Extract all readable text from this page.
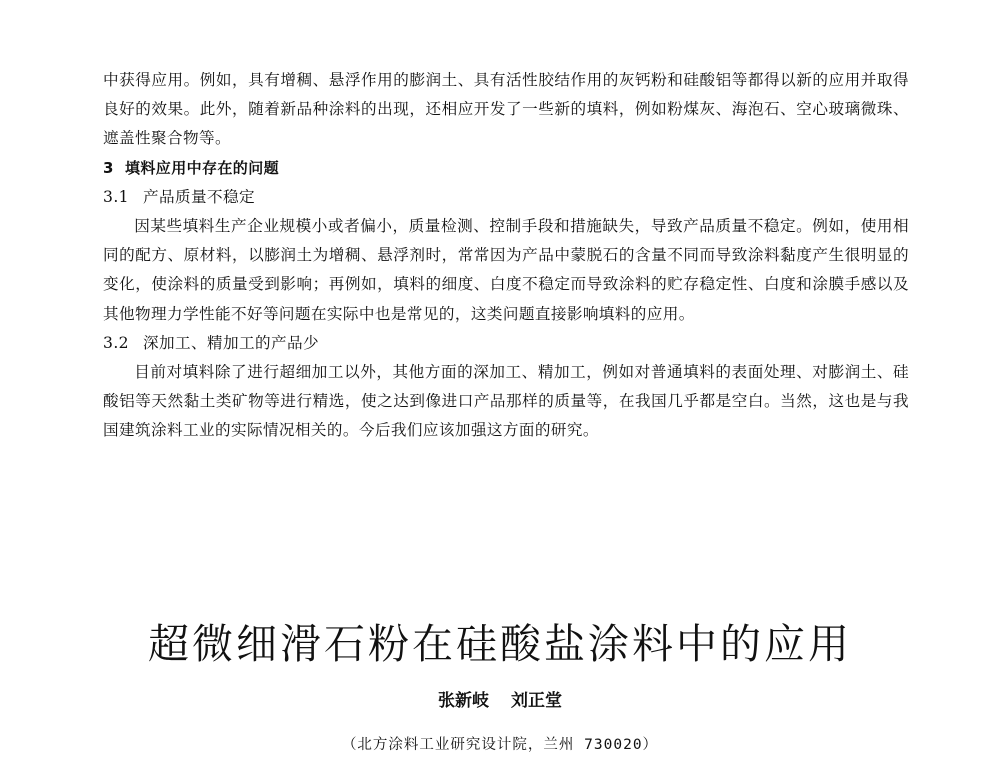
中获得应用。例如，具有增稠、悬浮作用的膨润土、具有活性胶结作用的灰钙粉和硅酸铝等都得以新的应用并取得良好的效果。此外，随着新品种涂料的出现，还相应开发了一些新的填料，例如粉煤灰、海泡石、空心玻璃微珠、遮盖性聚合物等。

3 填料应用中存在的问题

3.1 产品质量不稳定

因某些填料生产企业规模小或者偏小，质量检测、控制手段和措施缺失，导致产品质量不稳定。例如，使用相同的配方、原材料，以膨润土为增稠、悬浮剂时，常常因为产品中蒙脱石的含量不同而导致涂料黏度产生很明显的变化，使涂料的质量受到影响；再例如，填料的细度、白度不稳定而导致涂料的贮存稳定性、白度和涂膜手感以及其他物理力学性能不好等问题在实际中也是常见的，这类问题直接影响填料的应用。

3.2 深加工、精加工的产品少

目前对填料除了进行超细加工以外，其他方面的深加工、精加工，例如对普通填料的表面处理、对膨润土、硅酸铝等天然黏土类矿物等进行精选，使之达到像进口产品那样的质量等，在我国几乎都是空白。当然，这也是与我国建筑涂料工业的实际情况相关的。今后我们应该加强这方面的研究。

超微细滑石粉在硅酸盐涂料中的应用
张新岐 刘正堂
（北方涂料工业研究设计院，兰州 730020）
